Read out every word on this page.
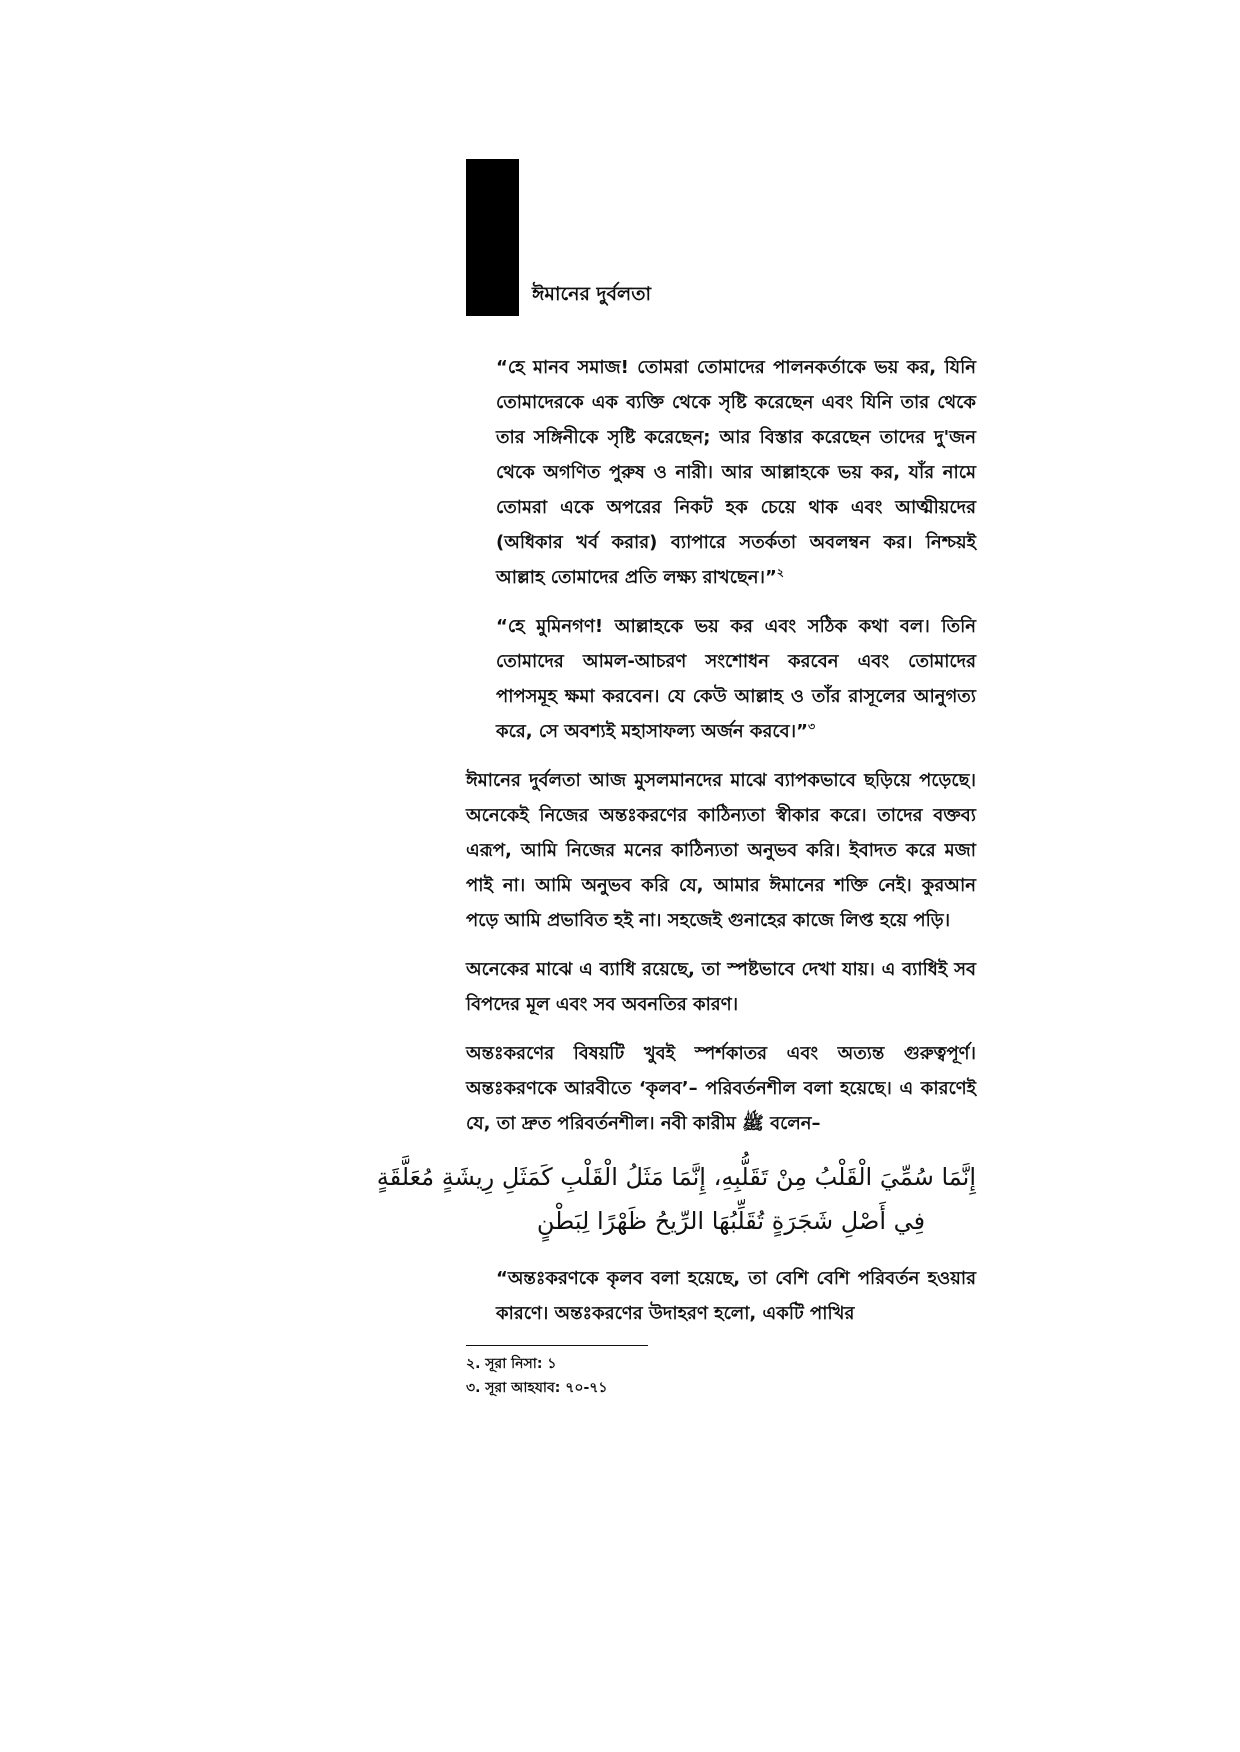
ঈমানের দুর্বলতা

“হে মানব সমাজ! তোমরা তোমাদের পালনকর্তাকে ভয় কর, যিনি তোমাদেরকে এক ব্যক্তি থেকে সৃষ্টি করেছেন এবং যিনি তার থেকে তার সঙ্গিনীকে সৃষ্টি করেছেন; আর বিস্তার করেছেন তাদের দু'জন থেকে অগণিত পুরুষ ও নারী। আর আল্লাহকে ভয় কর, যাঁর নামে তোমরা একে অপরের নিকট হক চেয়ে থাক এবং আত্মীয়দের (অধিকার খর্ব করার) ব্যাপারে সতর্কতা অবলম্বন কর। নিশ্চয়ই আল্লাহ তোমাদের প্রতি লক্ষ্য রাখছেন।”$^২$

“হে মুমিনগণ! আল্লাহকে ভয় কর এবং সঠিক কথা বল। তিনি তোমাদের আমল-আচরণ সংশোধন করবেন এবং তোমাদের পাপসমূহ ক্ষমা করবেন। যে কেউ আল্লাহ ও তাঁর রাসূলের আনুগত্য করে, সে অবশ্যই মহাসাফল্য অর্জন করবে।”$^৩$

ঈমানের দুর্বলতা আজ মুসলমানদের মাঝে ব্যাপকভাবে ছড়িয়ে পড়েছে। অনেকেই নিজের অন্তঃকরণের কাঠিন্যতা স্বীকার করে। তাদের বক্তব্য এরূপ, আমি নিজের মনের কাঠিন্যতা অনুভব করি। ইবাদত করে মজা পাই না। আমি অনুভব করি যে, আমার ঈমানের শক্তি নেই। কুরআন পড়ে আমি প্রভাবিত হই না। সহজেই গুনাহের কাজে লিপ্ত হয়ে পড়ি।

অনেকের মাঝে এ ব্যাধি রয়েছে, তা স্পষ্টভাবে দেখা যায়। এ ব্যাধিই সব বিপদের মূল এবং সব অবনতির কারণ।

অন্তঃকরণের বিষয়টি খুবই স্পর্শকাতর এবং অত্যন্ত গুরুত্বপূর্ণ। অন্তঃকরণকে আরবীতে ‘কৃলব’– পরিবর্তনশীল বলা হয়েছে। এ কারণেই যে, তা দ্রুত পরিবর্তনশীল। নবী কারীম ﷺ বলেন–

إِنَّمَا سُمِّيَ الْقَلْبُ مِنْ تَقَلُّبِهِ، إِنَّمَا مَثَلُ الْقَلْبِ كَمَثَلِ رِيشَةٍ مُعَلَّقَةٍ
فِي أَصْلِ شَجَرَةٍ تُقَلِّبُهَا الرِّيحُ ظَهْرًا لِبَطْنٍ

“অন্তঃকরণকে কৃলব বলা হয়েছে, তা বেশি বেশি পরিবর্তন হওয়ার কারণে। অন্তঃকরণের উদাহরণ হলো, একটি পাখির

২. সূরা নিসা: ১
৩. সূরা আহযাব: ৭০-৭১
